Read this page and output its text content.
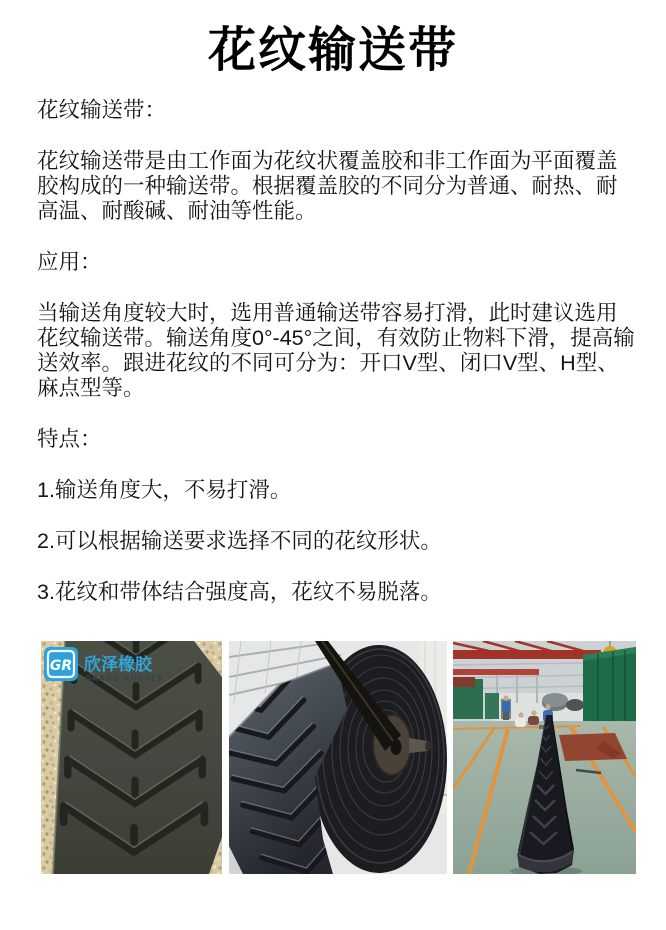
花纹输送带

花纹输送带：

花纹输送带是由工作面为花纹状覆盖胶和非工作面为平面覆盖胶构成的一种输送带。根据覆盖胶的不同分为普通、耐热、耐高温、耐酸碱、耐油等性能。

应用：

当输送角度较大时，选用普通输送带容易打滑，此时建议选用花纹输送带。输送角度0°-45°之间，有效防止物料下滑，提高输送效率。跟进花纹的不同可分为：开口V型、闭口V型、H型、麻点型等。

特点：

1.输送角度大，不易打滑。

2.可以根据输送要求选择不同的花纹形状。

3.花纹和带体结合强度高，花纹不易脱落。

GR 欣泽橡胶
GRAND RUBBER
